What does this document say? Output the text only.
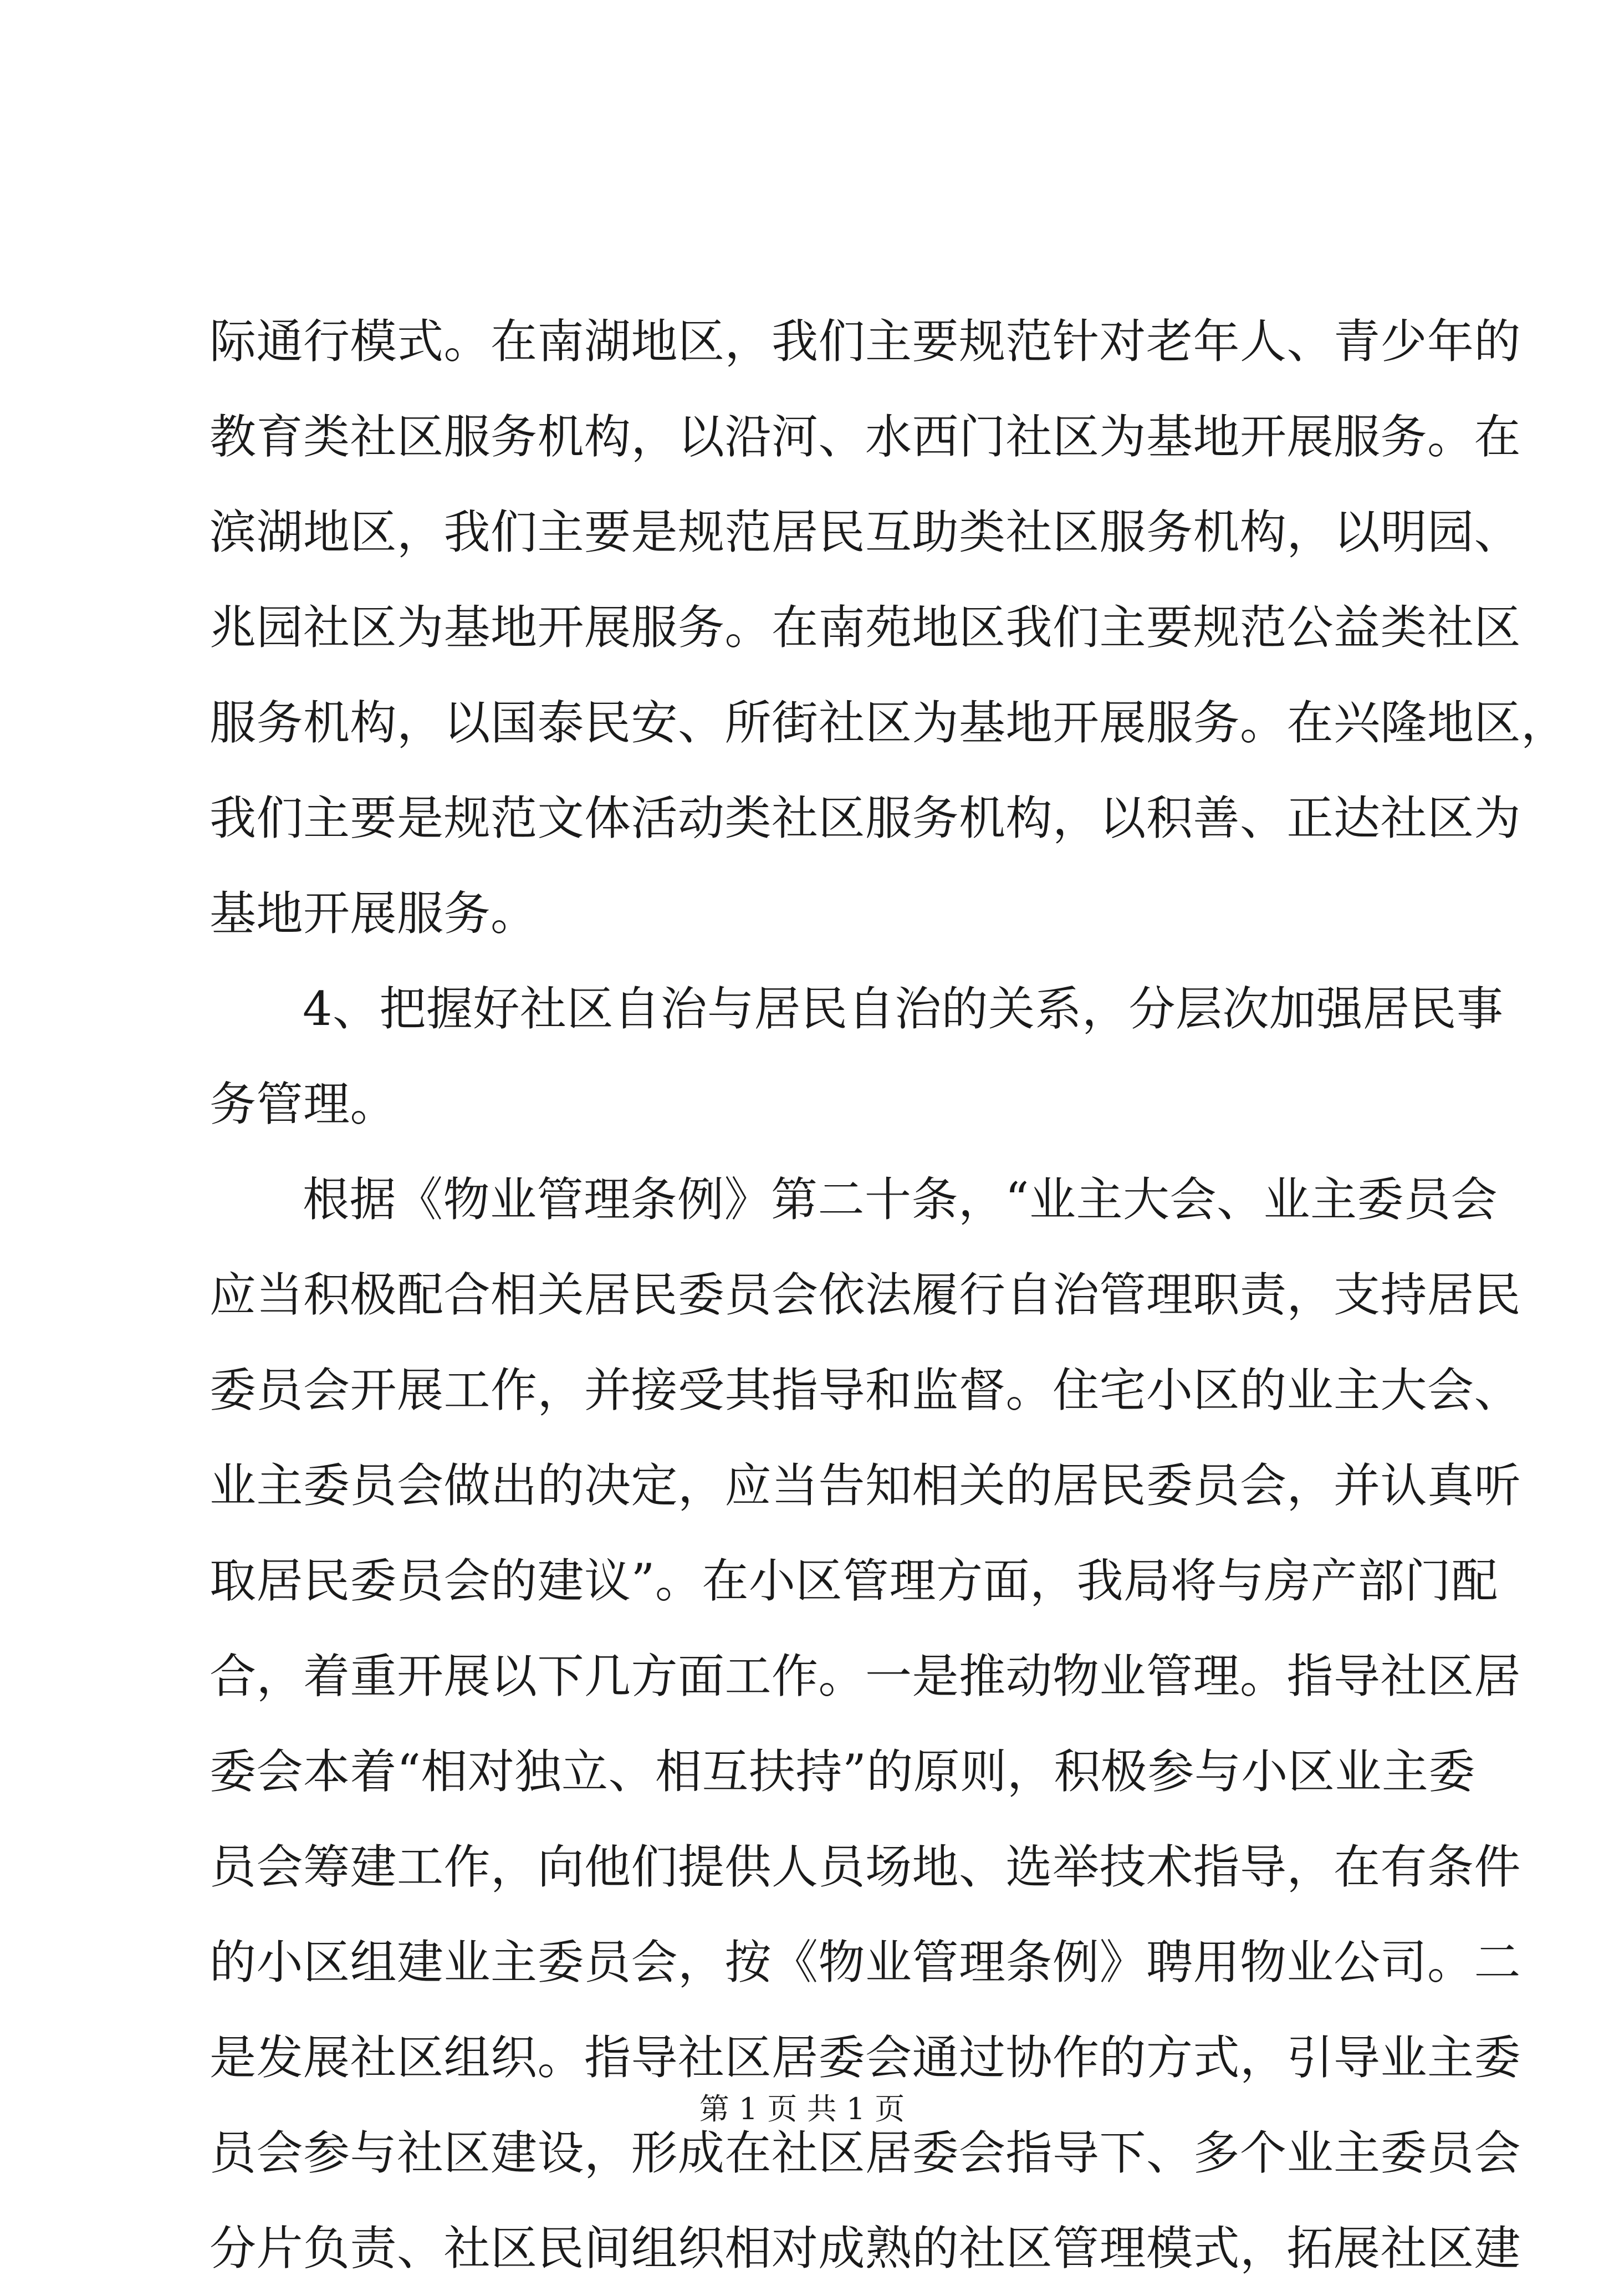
际通行模式。在南湖地区，我们主要规范针对老年人、青少年的
教育类社区服务机构，以沿河、水西门社区为基地开展服务。在
滨湖地区，我们主要是规范居民互助类社区服务机构，以明园、
兆园社区为基地开展服务。在南苑地区我们主要规范公益类社区
服务机构，以国泰民安、所街社区为基地开展服务。在兴隆地区，
我们主要是规范文体活动类社区服务机构，以积善、正达社区为
基地开展服务。
4、把握好社区自治与居民自治的关系，分层次加强居民事
务管理。
根据《物业管理条例》第二十条，“业主大会、业主委员会
应当积极配合相关居民委员会依法履行自治管理职责，支持居民
委员会开展工作，并接受其指导和监督。住宅小区的业主大会、
业主委员会做出的决定，应当告知相关的居民委员会，并认真听
取居民委员会的建议”。在小区管理方面，我局将与房产部门配
合，着重开展以下几方面工作。一是推动物业管理。指导社区居
委会本着“相对独立、相互扶持”的原则，积极参与小区业主委
员会筹建工作，向他们提供人员场地、选举技术指导，在有条件
的小区组建业主委员会，按《物业管理条例》聘用物业公司。二
是发展社区组织。指导社区居委会通过协作的方式，引导业主委
员会参与社区建设，形成在社区居委会指导下、多个业主委员会
分片负责、社区民间组织相对成熟的社区管理模式，拓展社区建
第 1 页 共 1 页
